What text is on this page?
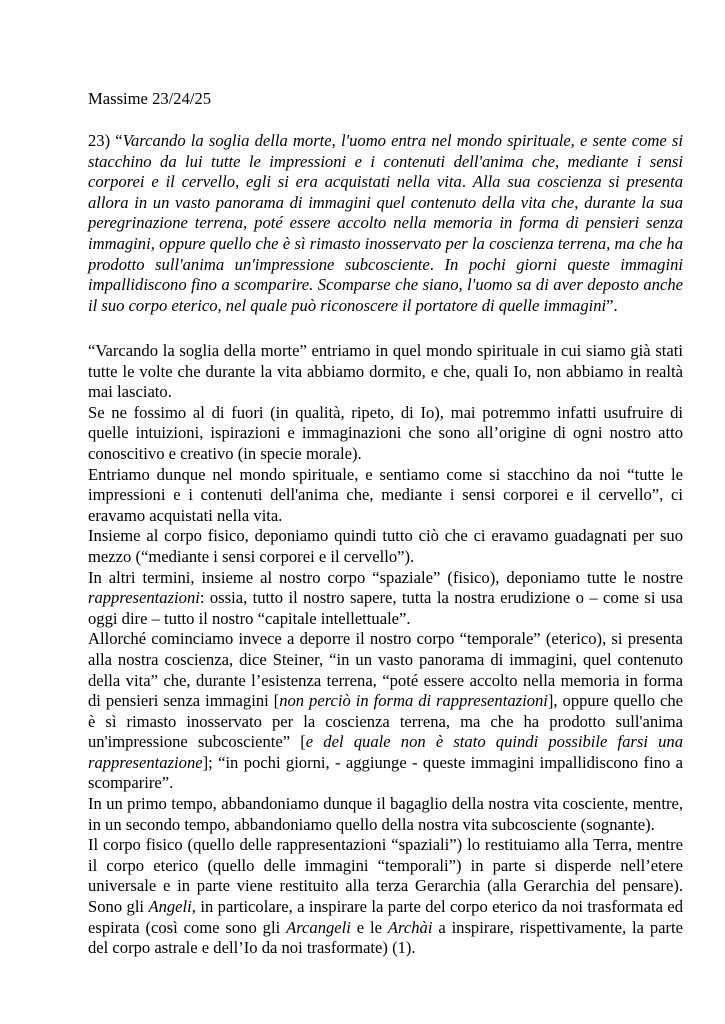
Massime 23/24/25

23) “Varcando la soglia della morte, l'uomo entra nel mondo spirituale, e sente come si stacchino da lui tutte le impressioni e i contenuti dell'anima che, mediante i sensi corporei e il cervello, egli si era acquistati nella vita. Alla sua coscienza si presenta allora in un vasto panorama di immagini quel contenuto della vita che, durante la sua peregrinazione terrena, poté essere accolto nella memoria in forma di pensieri senza immagini, oppure quello che è sì rimasto inosservato per la coscienza terrena, ma che ha prodotto sull'anima un'impressione subcosciente. In pochi giorni queste immagini impallidiscono fino a scomparire. Scomparse che siano, l'uomo sa di aver deposto anche il suo corpo eterico, nel quale può riconoscere il portatore di quelle immagini”.

“Varcando la soglia della morte” entriamo in quel mondo spirituale in cui siamo già stati tutte le volte che durante la vita abbiamo dormito, e che, quali Io, non abbiamo in realtà mai lasciato.

Se ne fossimo al di fuori (in qualità, ripeto, di Io), mai potremmo infatti usufruire di quelle intuizioni, ispirazioni e immaginazioni che sono all’origine di ogni nostro atto conoscitivo e creativo (in specie morale).

Entriamo dunque nel mondo spirituale, e sentiamo come si stacchino da noi “tutte le impressioni e i contenuti dell'anima che, mediante i sensi corporei e il cervello”, ci eravamo acquistati nella vita.

Insieme al corpo fisico, deponiamo quindi tutto ciò che ci eravamo guadagnati per suo mezzo (“mediante i sensi corporei e il cervello”).

In altri termini, insieme al nostro corpo “spaziale” (fisico), deponiamo tutte le nostre rappresentazioni: ossia, tutto il nostro sapere, tutta la nostra erudizione o – come si usa oggi dire – tutto il nostro “capitale intellettuale”.

Allorché cominciamo invece a deporre il nostro corpo “temporale” (eterico), si presenta alla nostra coscienza, dice Steiner, “in un vasto panorama di immagini, quel contenuto della vita” che, durante l’esistenza terrena, “poté essere accolto nella memoria in forma di pensieri senza immagini [non perciò in forma di rappresentazioni], oppure quello che è sì rimasto inosservato per la coscienza terrena, ma che ha prodotto sull'anima un'impressione subcosciente” [e del quale non è stato quindi possibile farsi una rappresentazione]; “in pochi giorni, - aggiunge - queste immagini impallidiscono fino a scomparire”.

In un primo tempo, abbandoniamo dunque il bagaglio della nostra vita cosciente, mentre, in un secondo tempo, abbandoniamo quello della nostra vita subcosciente (sognante).

Il corpo fisico (quello delle rappresentazioni “spaziali”) lo restituiamo alla Terra, mentre il corpo eterico (quello delle immagini “temporali”) in parte si disperde nell’etere universale e in parte viene restituito alla terza Gerarchia (alla Gerarchia del pensare). Sono gli Angeli, in particolare, a inspirare la parte del corpo eterico da noi trasformata ed espirata (così come sono gli Arcangeli e le Archài a inspirare, rispettivamente, la parte del corpo astrale e dell’Io da noi trasformate) (1).
